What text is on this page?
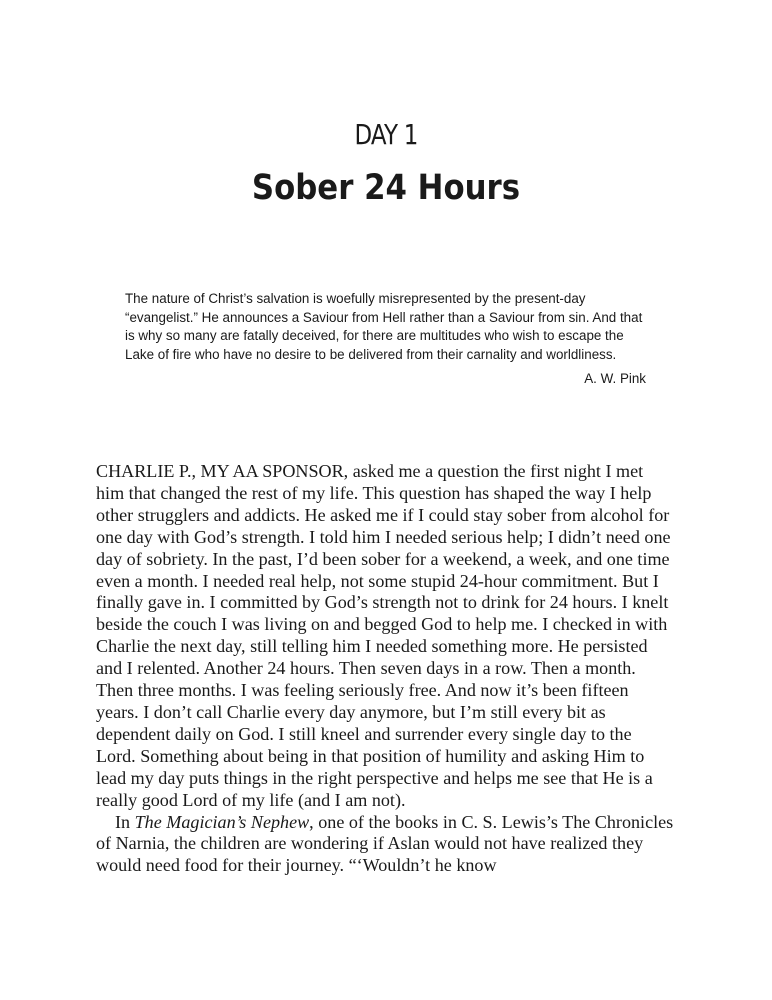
DAY 1
Sober 24 Hours

The nature of Christ’s salvation is woefully misrepresented by the present-day “evangelist.” He announces a Saviour from Hell rather than a Saviour from sin. And that is why so many are fatally deceived, for there are multitudes who wish to escape the Lake of fire who have no desire to be delivered from their carnality and worldliness.

A. W. Pink

CHARLIE P., MY AA SPONSOR, asked me a question the first night I met him that changed the rest of my life. This question has shaped the way I help other strugglers and addicts. He asked me if I could stay sober from alcohol for one day with God’s strength. I told him I needed serious help; I didn’t need one day of sobriety. In the past, I’d been sober for a weekend, a week, and one time even a month. I needed real help, not some stupid 24-hour commitment. But I finally gave in. I committed by God’s strength not to drink for 24 hours. I knelt beside the couch I was living on and begged God to help me. I checked in with Charlie the next day, still telling him I needed something more. He persisted and I relented. Another 24 hours. Then seven days in a row. Then a month. Then three months. I was feeling seriously free. And now it’s been fifteen years. I don’t call Charlie every day anymore, but I’m still every bit as dependent daily on God. I still kneel and surrender every single day to the Lord. Something about being in that position of humility and asking Him to lead my day puts things in the right perspective and helps me see that He is a really good Lord of my life (and I am not).

In The Magician’s Nephew, one of the books in C. S. Lewis’s The Chronicles of Narnia, the children are wondering if Aslan would not have realized they would need food for their journey. “‘Wouldn’t he know
